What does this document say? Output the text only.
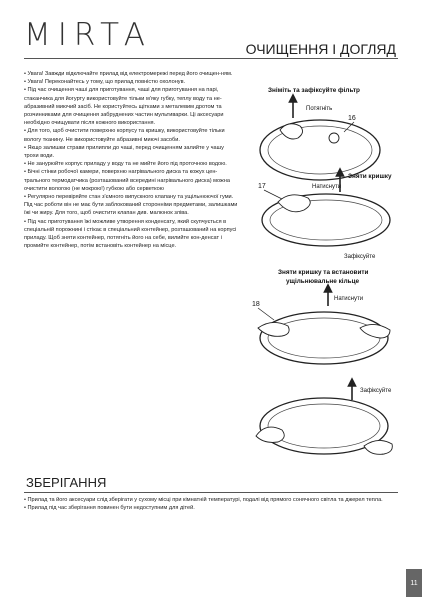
MIRTA	ОЧИЩЕННЯ І ДОГЛЯД

• Увага! Завжди відключайте прилад від електромережі перед його очищен-ням.

• Увага! Переконайтесь у тому, що прилад повністю охолонув.

• Під час очищення чаші для приготування, чаші для приготування на парі, стаканчика для йогурту використовуйте тільки м'яку губку, теплу воду та не-абразивний миючий засіб. Не користуйтесь щітками з металевим дротом та розчинниками для очищення забруднених частин мультиварки. Ці аксесуари необхідно очищувати після кожного використання.

• Для того, щоб очистити поверхню корпусу та кришку, використовуйте тільки вологу тканину. Не використовуйте абразивні миючі засоби.

• Якщо залишки страви прилипли до чаші, перед очищенням залийте у чашу трохи води.

• Не занурюйте корпус приладу у воду та не мийте його під проточною водою.

• Бічні стінки робочої камери, поверхню нагрівального диска та кожух цен-трального термодатчика (розташований всередині нагрівального диска) можна очистити вологою (не мокрою!) губкою або серветкою

• Регулярно перевіряйте стан з'ємного випускного клапану та ущільнюючої гуми. Під час роботи він не має бути заблокований сторонніми предметами, залишками їжі чи жиру. Для того, щоб очистити клапан див. малюнок зліва.

• Під час приготування їжі можливе утворення конденсату, який скупчується в спеціальній порожнині і стікає в спеціальний контейнер, розташований на корпусі приладу. Щоб зняти контейнер, потягніть його на себе, вилийте кон-денсат і промийте контейнер, потім встановіть контейнер на місце.

Зніміть та зафіксуйте фільтр
Потягніть
16
Зняти кришку
17	Натиснути
Зафіксуйте
Зняти кришку та встановити
ущільнювальне кільце
Натиснути
18
Зафіксуйте
ЗБЕРІГАННЯ

• Прилад та його аксесуари слід зберігати у сухому місці при кімнатній температурі, подалі від прямого сонячного світла та джерел тепла.

• Прилад під час зберігання повинен бути недоступним для дітей.

11
